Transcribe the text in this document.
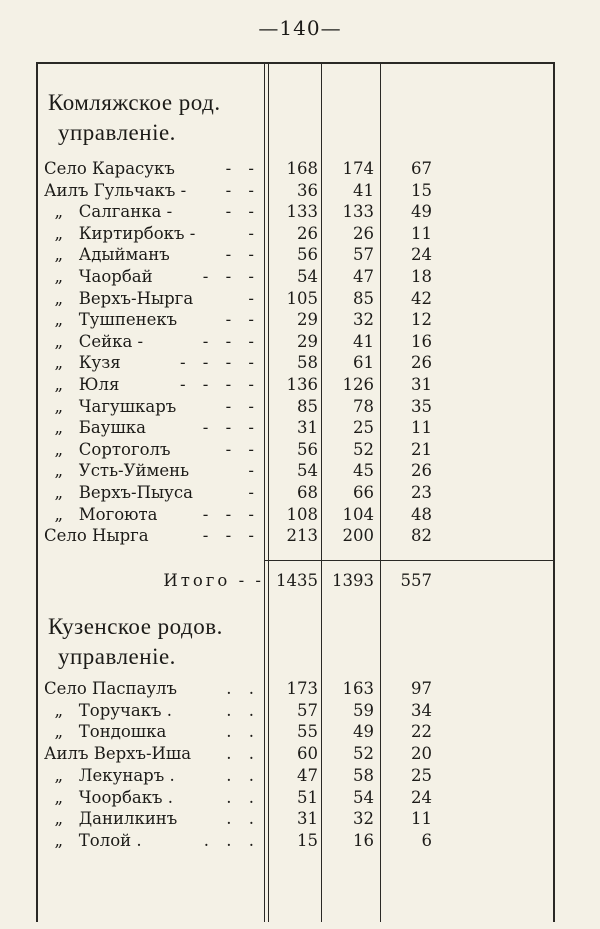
—140—
Комляжское род.
управленіе.
Село Карасукъ	- -	168	174	67
Аилъ Гульчакъ - - -	36	41	15
„   Салганка -	- -	133	133	49
„   Киртирбокъ -	-	26	26	11
„   Адыйманъ	- -	56	57	24
„   Чаорбай	- - -	54	47	18
„   Верхъ-Нырга	-	105	85	42
„   Тушпенекъ	- -	29	32	12
„   Сейка -	- - -	29	41	16
„   Кузя	- - - -	58	61	26
„   Юля	- - - -	136	126	31
„   Чагушкаръ	- -	85	78	35
„   Баушка	- - -	31	25	11
„   Сортоголъ	- -	56	52	21
„   Усть-Уймень	-	54	45	26
„   Верхъ-Пыуса	-	68	66	23
„   Могоюта	- - -	108	104	48
Село Нырга	- - -	213	200	82
Итого - - 1435 1393	557
Кузенское родов.
управленіе.
Село Паспаулъ	. .	173	163	97
„   Торучакъ .	. .	57	59	34
„   Тондошка	. .	55	49	22
Аилъ Верхъ-Иша . .	60	52	20
„   Лекунаръ .	. .	47	58	25
„   Чоорбакъ .	. .	51	54	24
„   Данилкинъ	. .	31	32	11
„   Толой .	. . .	15	16	6
